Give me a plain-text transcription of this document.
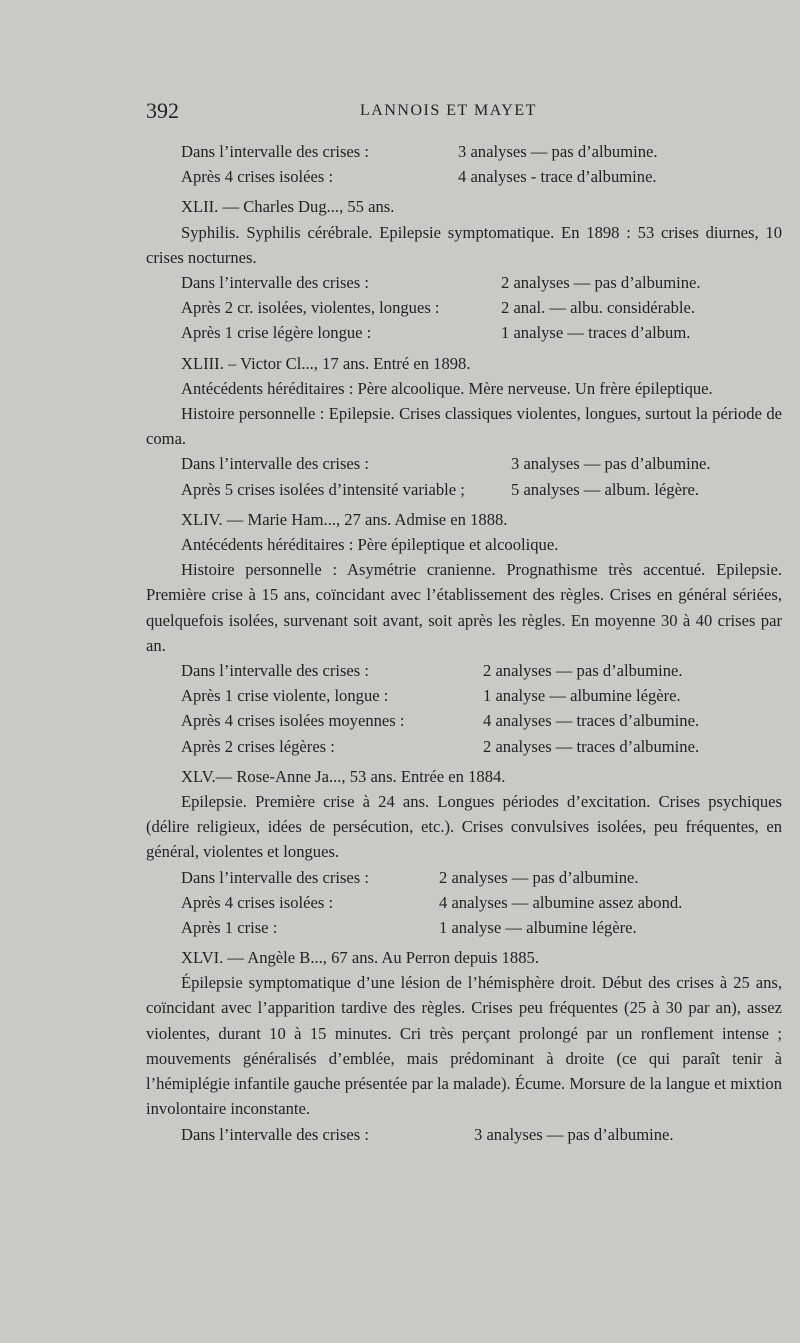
392	LANNOIS ET MAYET
Dans l’intervalle des crises :	3 analyses — pas d’albumine.
Après 4 crises isolées :	4 analyses - trace d’albumine.
XLII. — Charles Dug..., 55 ans.

Syphilis. Syphilis cérébrale. Epilepsie symptomatique. En 1898 : 53 crises diurnes, 10 crises nocturnes.

Dans l’intervalle des crises :	2 analyses — pas d’albumine.
Après 2 cr. isolées, violentes, longues :	2 anal. — albu. considérable.
Après 1 crise légère longue :	1 analyse — traces d’album.
XLIII. – Victor Cl..., 17 ans. Entré en 1898.

Antécédents héréditaires : Père alcoolique. Mère nerveuse. Un frère épileptique.

Histoire personnelle : Epilepsie. Crises classiques violentes, longues, surtout la période de coma.

Dans l’intervalle des crises :	3 analyses — pas d’albumine.
Après 5 crises isolées d’intensité variable ;	5 analyses — album. légère.
XLIV. — Marie Ham..., 27 ans. Admise en 1888.

Antécédents héréditaires : Père épileptique et alcoolique.

Histoire personnelle : Asymétrie cranienne. Prognathisme très accentué. Epilepsie. Première crise à 15 ans, coïncidant avec l’établissement des règles. Crises en général sériées, quelquefois isolées, survenant soit avant, soit après les règles. En moyenne 30 à 40 crises par an.

Dans l’intervalle des crises :	2 analyses — pas d’albumine.
Après 1 crise violente, longue :	1 analyse — albumine légère.
Après 4 crises isolées moyennes :	4 analyses — traces d’albumine.
Après 2 crises légères :	2 analyses — traces d’albumine.
XLV.— Rose-Anne Ja..., 53 ans. Entrée en 1884.

Epilepsie. Première crise à 24 ans. Longues périodes d’excitation. Crises psychiques (délire religieux, idées de persécution, etc.). Crises convulsives isolées, peu fréquentes, en général, violentes et longues.

Dans l’intervalle des crises :	2 analyses — pas d’albumine.
Après 4 crises isolées :	4 analyses — albumine assez abond.
Après 1 crise :	1 analyse — albumine légère.
XLVI. — Angèle B..., 67 ans. Au Perron depuis 1885.

Épilepsie symptomatique d’une lésion de l’hémisphère droit. Début des crises à 25 ans, coïncidant avec l’apparition tardive des règles. Crises peu fréquentes (25 à 30 par an), assez violentes, durant 10 à 15 minutes. Cri très perçant prolongé par un ronflement intense ; mouvements généralisés d’emblée, mais prédominant à droite (ce qui paraît tenir à l’hémiplégie infantile gauche présentée par la malade). Écume. Morsure de la langue et mixtion involontaire inconstante.

Dans l’intervalle des crises :	3 analyses — pas d’albumine.
